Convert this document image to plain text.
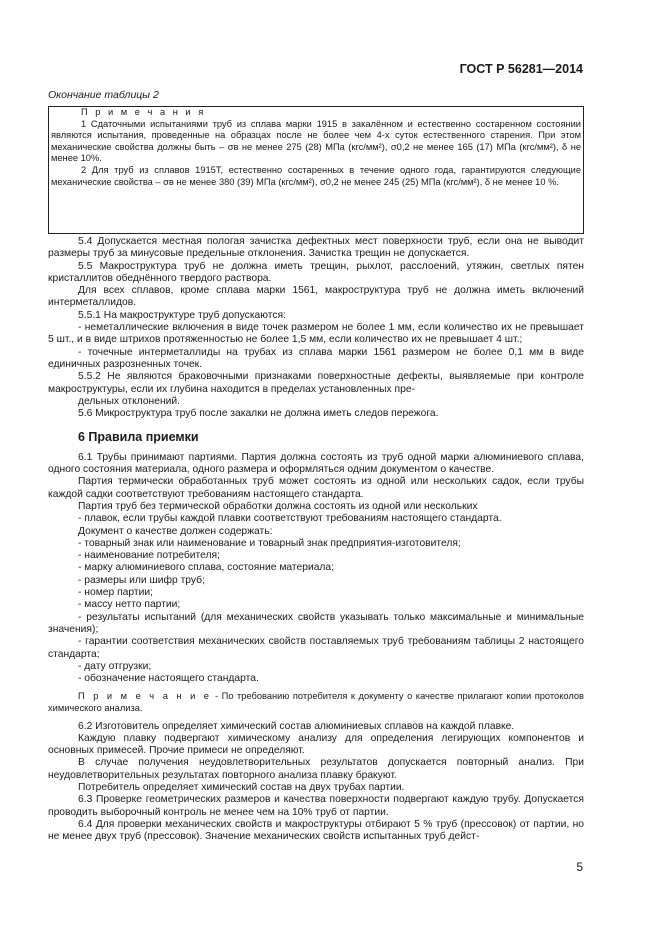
ГОСТ Р 56281—2014
Окончание таблицы 2

П р и м е ч а н и я

1 Сдаточными испытаниями труб из сплава марки 1915 в закалённом и естественно состаренном состоянии являются испытания, проведенные на образцах после не более чем 4-х суток естественного старения. При этом механические свойства должны быть – σв не менее 275 (28) МПа (кгс/мм²), σ0,2 не менее 165 (17) МПа (кгс/мм²), δ не менее 10%.

2 Для труб из сплавов 1915Т, естественно состаренных в течение одного года, гарантируются следующие механические свойства – σв не менее 380 (39) МПа (кгс/мм²), σ0,2 не менее 245 (25) МПа (кгс/мм²), δ не менее 10 %.

5.4 Допускается местная пологая зачистка дефектных мест поверхности труб, если она не выводит размеры труб за минусовые предельные отклонения. Зачистка трещин не допускается.

5.5 Макроструктура труб не должна иметь трещин, рыхлот, расслоений, утяжин, светлых пятен кристаллитов обеднённого твердого раствора.

Для всех сплавов, кроме сплава марки 1561, макроструктура труб не должна иметь включений интерметаллидов.

5.5.1 На макроструктуре труб допускаются:

- неметаллические включения в виде точек размером не более 1 мм, если количество их не превышает 5 шт., и в виде штрихов протяженностью не более 1,5 мм, если количество их не превышает 4 шт.;

- точечные интерметаллиды на трубах из сплава марки 1561 размером не более 0,1 мм в виде единичных разрозненных точек.

5.5.2 Не являются браковочными признаками поверхностные дефекты, выявляемые при контроле макроструктуры, если их глубина находится в пределах установленных пре-

дельных отклонений.

5.6 Микроструктура труб после закалки не должна иметь следов пережога.

6 Правила приемки

6.1 Трубы принимают партиями. Партия должна состоять из труб одной марки алюминиевого сплава, одного состояния материала, одного размера и оформляться одним документом о качестве.

Партия термически обработанных труб может состоять из одной или нескольких садок, если трубы каждой садки соответствуют требованиям настоящего стандарта.

Партия труб без термической обработки должна состоять из одной или нескольких

- плавок, если трубы каждой плавки соответствуют требованиям настоящего стандарта.

Документ о качестве должен содержать:

- товарный знак или наименование и товарный знак предприятия-изготовителя;

- наименование потребителя;

- марку алюминиевого сплава, состояние материала;

- размеры или шифр труб;

- номер партии;

- массу нетто партии;

- результаты испытаний (для механических свойств указывать только максимальные и минимальные значения);

- гарантии соответствия механических свойств поставляемых труб требованиям таблицы 2 настоящего стандарта;

- дату отгрузки;

- обозначение настоящего стандарта.

П р и м е ч а н и е - По требованию потребителя к документу о качестве прилагают копии протоколов химического анализа.

6.2 Изготовитель определяет химический состав алюминиевых сплавов на каждой плавке.

Каждую плавку подвергают химическому анализу для определения легирующих компонентов и основных примесей. Прочие примеси не определяют.

В случае получения неудовлетворительных результатов допускается повторный анализ. При неудовлетворительных результатах повторного анализа плавку бракуют.

Потребитель определяет химический состав на двух трубах партии.

6.3 Проверке геометрических размеров и качества поверхности подвергают каждую трубу. Допускается проводить выборочный контроль не менее чем на 10% труб от партии.

6.4 Для проверки механических свойств и макроструктуры отбирают 5 % труб (прессовок) от партии, но не менее двух труб (прессовок). Значение механических свойств испытанных труб дейст-

5
